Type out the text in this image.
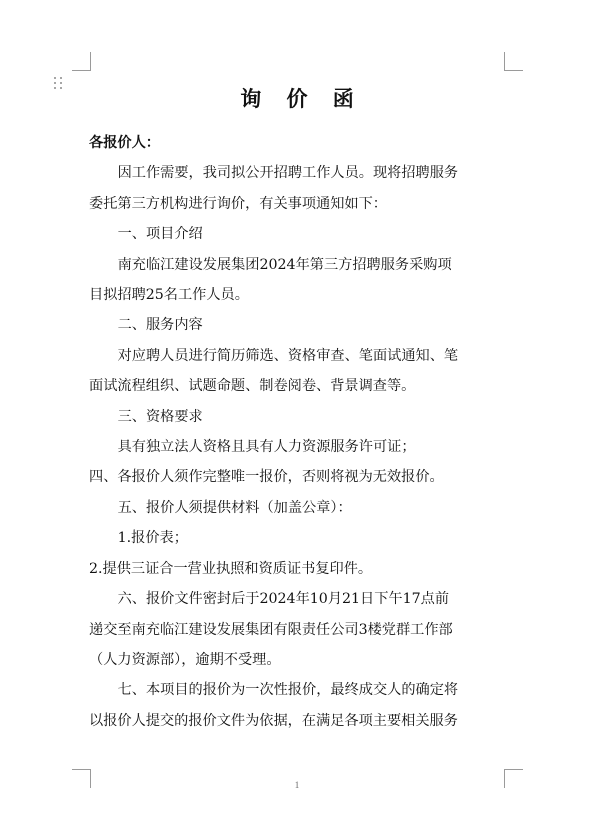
询 价 函

各报价人：

因工作需要，我司拟公开招聘工作人员。现将招聘服务

委托第三方机构进行询价，有关事项通知如下：

一、项目介绍

南充临江建设发展集团2024年第三方招聘服务采购项

目拟招聘25名工作人员。

二、服务内容

对应聘人员进行简历筛选、资格审查、笔面试通知、笔

面试流程组织、试题命题、制卷阅卷、背景调查等。

三、资格要求

具有独立法人资格且具有人力资源服务许可证；

四、各报价人须作完整唯一报价，否则将视为无效报价。

五、报价人须提供材料（加盖公章）：

1.报价表；

2.提供三证合一营业执照和资质证书复印件。

六、报价文件密封后于2024年10月21日下午17点前

递交至南充临江建设发展集团有限责任公司3楼党群工作部

（人力资源部），逾期不受理。

七、本项目的报价为一次性报价，最终成交人的确定将

以报价人提交的报价文件为依据，在满足各项主要相关服务

1
